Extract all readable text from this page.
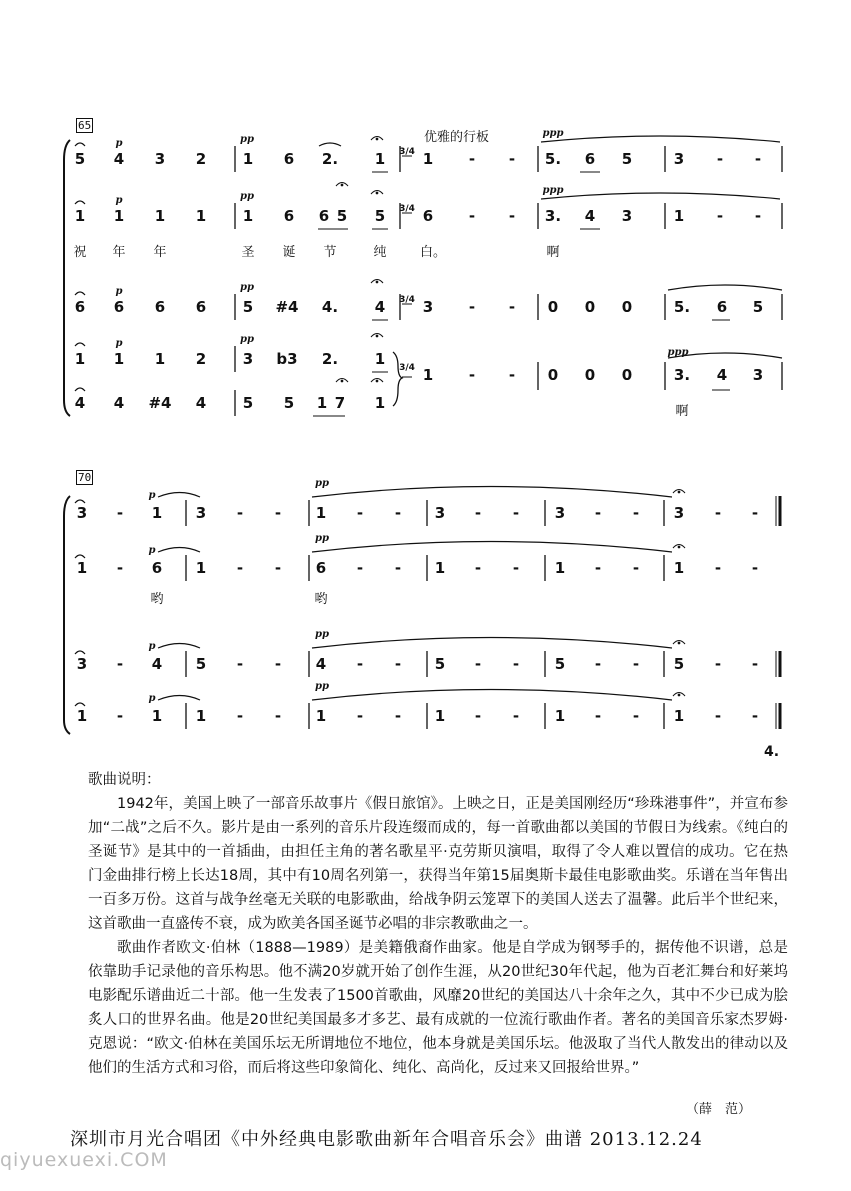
65
优雅的行板
p	pp
ppp
p	pp
ppp
p	pp
p	pp
ppp
5 4 3 2 1 6 2. 1	1 - - 5. 6 5	3 - -
3/4
1 1 1 1 1 6 6 5 5	6 - - 3. 4 3	1 - -
3/4
祝 年 年	圣 诞 节	纯	白。	啊
6 6 6 6 5 #4 4. 4	3 - - 0 0 0	5. 6 5
3/4
1 1 1 2 3 b3 2. 1
4 4 #4 4 5 5 1 7 1
1 - - 0 0 0	3. 4 3
3/4
啊
70
p
pp
p
pp
p
pp
p
pp
3 - 1 3 - - 1 - - 3 - - 3 - - 3 - -
1 - 6 1 - - 6 - - 1 - - 1 - - 1 - -
哟	哟
3 - 4 5 - - 4 - - 5 - - 5 - - 5 - -
1 - 1 1 - - 1 - - 1 - - 1 - - 1 - -
4.

歌曲说明：

1942年，美国上映了一部音乐故事片《假日旅馆》。上映之日，正是美国刚经历“珍珠港事件”，并宣布参加“二战”之后不久。影片是由一系列的音乐片段连缀而成的，每一首歌曲都以美国的节假日为线索。《纯白的圣诞节》是其中的一首插曲，由担任主角的著名歌星平·克劳斯贝演唱，取得了令人难以置信的成功。它在热门金曲排行榜上长达18周，其中有10周名列第一，获得当年第15届奥斯卡最佳电影歌曲奖。乐谱在当年售出一百多万份。这首与战争丝毫无关联的电影歌曲，给战争阴云笼罩下的美国人送去了温馨。此后半个世纪来，这首歌曲一直盛传不衰，成为欧美各国圣诞节必唱的非宗教歌曲之一。

歌曲作者欧文·伯林（1888—1989）是美籍俄裔作曲家。他是自学成为钢琴手的，据传他不识谱，总是依靠助手记录他的音乐构思。他不满20岁就开始了创作生涯，从20世纪30年代起，他为百老汇舞台和好莱坞电影配乐谱曲近二十部。他一生发表了1500首歌曲，风靡20世纪的美国达八十余年之久，其中不少已成为脍炙人口的世界名曲。他是20世纪美国最多才多艺、最有成就的一位流行歌曲作者。著名的美国音乐家杰罗姆·克恩说：“欧文·伯林在美国乐坛无所谓地位不地位，他本身就是美国乐坛。他汲取了当代人散发出的律动以及他们的生活方式和习俗，而后将这些印象简化、纯化、高尚化，反过来又回报给世界。”

（薛　范）
深圳市月光合唱团《中外经典电影歌曲新年合唱音乐会》曲谱 2013.12.24
qiyuexuexi.COM
